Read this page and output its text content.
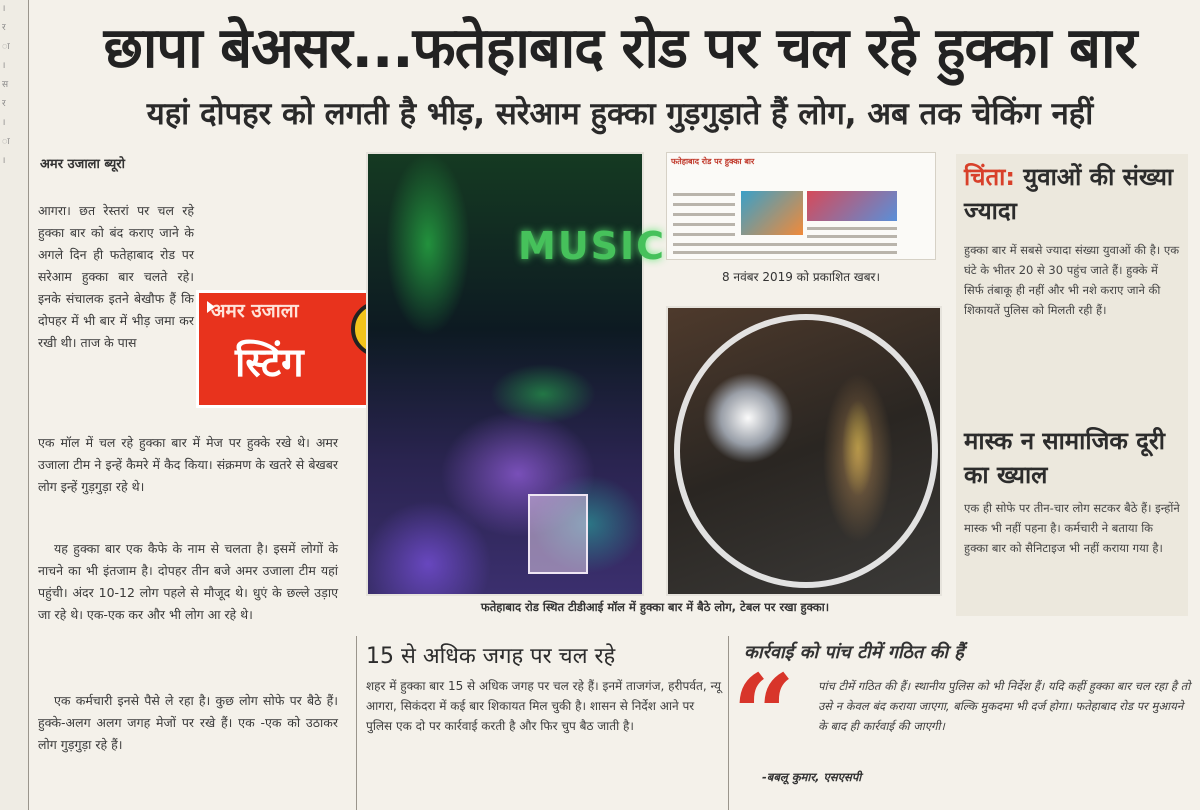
।
र
ा
।
स
र
।
ा
।
छापा बेअसर...फतेहाबाद रोड पर चल रहे हुक्का बार
यहां दोपहर को लगती है भीड़, सरेआम हुक्का गुड़गुड़ाते हैं लोग, अब तक चेकिंग नहीं
अमर उजाला ब्यूरो
आगरा। छत रेस्तरां पर चल रहे हुक्का बार को बंद कराए जाने के अगले दिन ही फतेहाबाद रोड पर सरेआम हुक्का बार चलते रहे। इनके संचालक इतने बेखौफ हैं कि दोपहर में भी बार में भीड़ जमा कर रखी थी। ताज के पास
एक मॉल में चल रहे हुक्का बार में मेज पर हुक्के रखे थे। अमर उजाला टीम ने इन्हें कैमरे में कैद किया। संक्रमण के खतरे से बेखबर लोग इन्हें गुड़गुड़ा रहे थे।
यह हुक्का बार एक कैफे के नाम से चलता है। इसमें लोगों के नाचने का भी इंतजाम है। दोपहर तीन बजे अमर उजाला टीम यहां पहुंची। अंदर 10-12 लोग पहले से मौजूद थे। धुएं के छल्ले उड़ाए जा रहे थे। एक-एक कर और भी लोग आ रहे थे।
एक कर्मचारी इनसे पैसे ले रहा है। कुछ लोग सोफे पर बैठे हैं। हुक्के-अलग अलग जगह मेजों पर रखे हैं। एक -एक को उठाकर लोग गुड़गुड़ा रहे हैं।
अमर उजाला
स्टिंग
MUSIC
फतेहाबाद रोड पर हुक्का बार
8 नवंबर 2019 को प्रकाशित खबर।
फतेहाबाद रोड स्थित टीडीआई मॉल में हुक्का बार में बैठे लोग, टेबल पर रखा हुक्का।
चिंता: युवाओं की संख्या ज्यादा
हुक्का बार में सबसे ज्यादा संख्या युवाओं की है। एक घंटे के भीतर 20 से 30 पहुंच जाते हैं। हुक्के में सिर्फ तंबाकू ही नहीं और भी नशे कराए जाने की शिकायतें पुलिस को मिलती रही हैं।
मास्क न सामाजिक दूरी का ख्याल
एक ही सोफे पर तीन-चार लोग सटकर बैठे हैं। इन्होंने मास्क भी नहीं पहना है। कर्मचारी ने बताया कि हुक्का बार को सैनिटाइज भी नहीं कराया गया है।
15 से अधिक जगह पर चल रहे
शहर में हुक्का बार 15 से अधिक जगह पर चल रहे हैं। इनमें ताजगंज, हरीपर्वत, न्यू आगरा, सिकंदरा में कई बार शिकायत मिल चुकी है। शासन से निर्देश आने पर पुलिस एक दो पर कार्रवाई करती है और फिर चुप बैठ जाती है।
कार्रवाई को पांच टीमें गठित की हैं
“ पांच टीमें गठित की हैं। स्थानीय पुलिस को भी निर्देश हैं। यदि कहीं हुक्का बार चल रहा है तो उसे न केवल बंद कराया जाएगा, बल्कि मुकदमा भी दर्ज होगा। फतेहाबाद रोड पर मुआयने के बाद ही कार्रवाई की जाएगी।
-बबलू कुमार, एसएसपी
